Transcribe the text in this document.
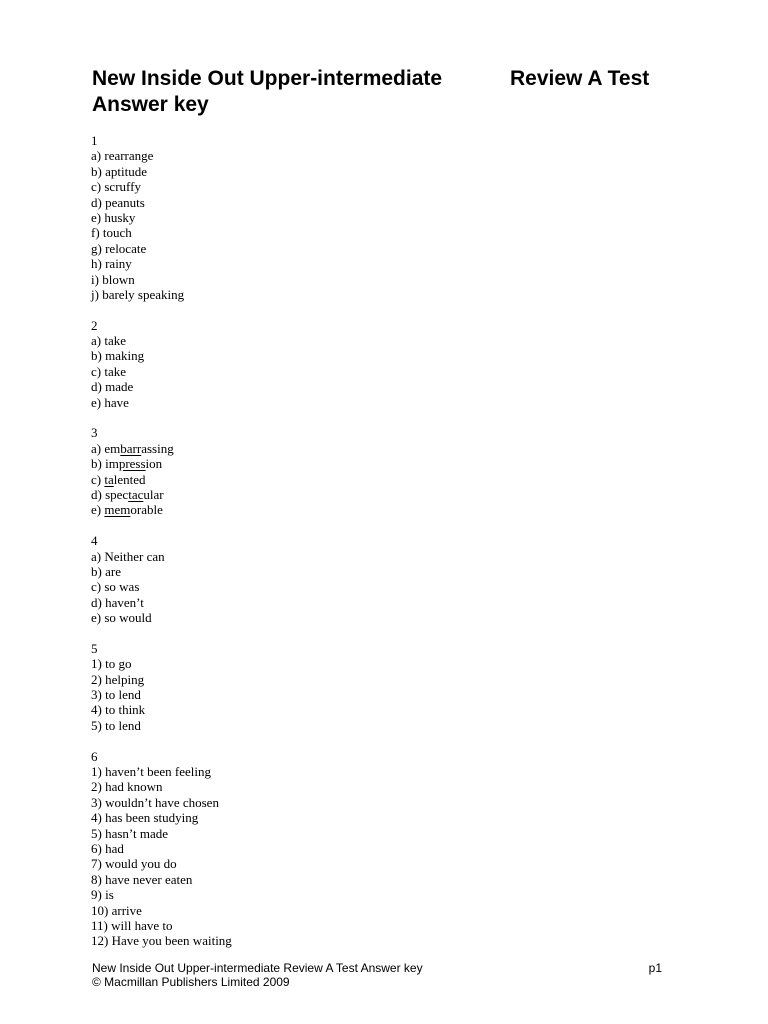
New Inside Out Upper-intermediate	Review A Test
Answer key
1
a) rearrange
b) aptitude
c) scruffy
d) peanuts
e) husky
f) touch
g) relocate
h) rainy
i) blown
j) barely speaking
2
a) take
b) making
c) take
d) made
e) have
3
a) embarrassing
b) impression
c) talented
d) spectacular
e) memorable
4
a) Neither can
b) are
c) so was
d) haven’t
e) so would
5
1) to go
2) helping
3) to lend
4) to think
5) to lend
6
1) haven’t been feeling
2) had known
3) wouldn’t have chosen
4) has been studying
5) hasn’t made
6) had
7) would you do
8) have never eaten
9) is
10) arrive
11) will have to
12) Have you been waiting
New Inside Out Upper-intermediate Review A Test Answer key	p1
© Macmillan Publishers Limited 2009
